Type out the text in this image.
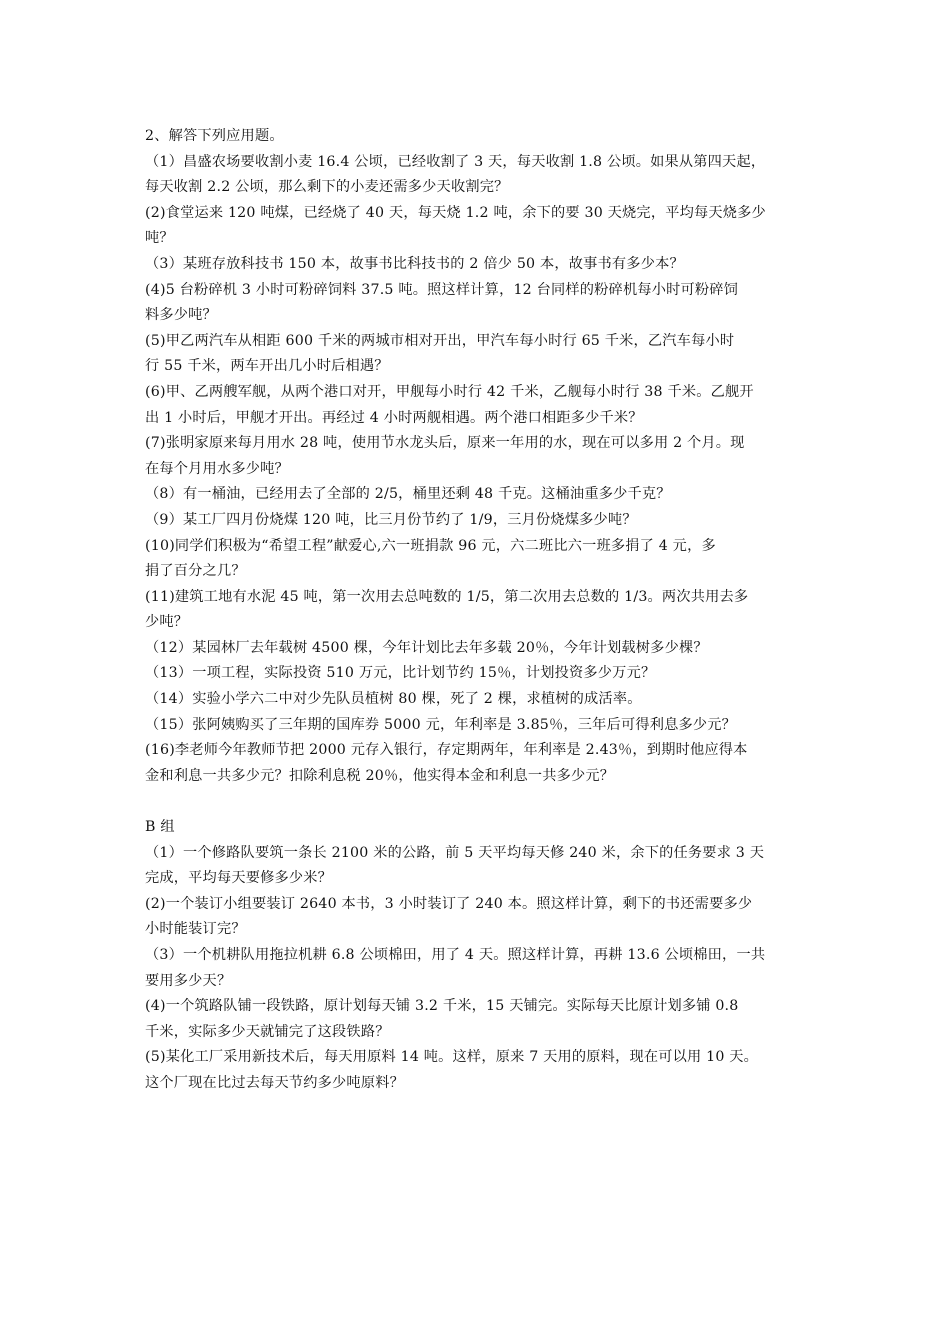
2、解答下列应用题。
（1）昌盛农场要收割小麦 16.4 公顷，已经收割了 3 天，每天收割 1.8 公顷。如果从第四天起，
每天收割 2.2 公顷，那么剩下的小麦还需多少天收割完？
(2)食堂运来 120 吨煤，已经烧了 40 天，每天烧 1.2 吨，余下的要 30 天烧完，平均每天烧多少
吨？
（3）某班存放科技书 150 本，故事书比科技书的 2 倍少 50 本，故事书有多少本？
(4)5 台粉碎机 3 小时可粉碎饲料 37.5 吨。照这样计算，12 台同样的粉碎机每小时可粉碎饲
料多少吨？
(5)甲乙两汽车从相距 600 千米的两城市相对开出，甲汽车每小时行 65 千米，乙汽车每小时
行 55 千米，两车开出几小时后相遇？
(6)甲、乙两艘军舰，从两个港口对开，甲舰每小时行 42 千米，乙舰每小时行 38 千米。乙舰开
出 1 小时后，甲舰才开出。再经过 4 小时两舰相遇。两个港口相距多少千米？
(7)张明家原来每月用水 28 吨，使用节水龙头后，原来一年用的水，现在可以多用 2 个月。现
在每个月用水多少吨？
（8）有一桶油，已经用去了全部的 2/5，桶里还剩 48 千克。这桶油重多少千克？
（9）某工厂四月份烧煤 120 吨，比三月份节约了 1/9，三月份烧煤多少吨？
(10)同学们积极为“希望工程”献爱心,六一班捐款 96 元，六二班比六一班多捐了 4 元，多
捐了百分之几？
(11)建筑工地有水泥 45 吨，第一次用去总吨数的 1/5，第二次用去总数的 1/3。两次共用去多
少吨？
（12）某园林厂去年载树 4500 棵，今年计划比去年多载 20％，今年计划载树多少棵？
（13）一项工程，实际投资 510 万元，比计划节约 15％，计划投资多少万元？
（14）实验小学六二中对少先队员植树 80 棵，死了 2 棵，求植树的成活率。
（15）张阿姨购买了三年期的国库券 5000 元，年利率是 3.85％，三年后可得利息多少元？
(16)李老师今年教师节把 2000 元存入银行，存定期两年，年利率是 2.43％，到期时他应得本
金和利息一共多少元？扣除利息税 20％，他实得本金和利息一共多少元？
B 组
（1）一个修路队要筑一条长 2100 米的公路，前 5 天平均每天修 240 米，余下的任务要求 3 天
完成，平均每天要修多少米？
(2)一个装订小组要装订 2640 本书，3 小时装订了 240 本。照这样计算，剩下的书还需要多少
小时能装订完？
（3）一个机耕队用拖拉机耕 6.8 公顷棉田，用了 4 天。照这样计算，再耕 13.6 公顷棉田，一共
要用多少天？
(4)一个筑路队铺一段铁路，原计划每天铺 3.2 千米，15 天铺完。实际每天比原计划多铺 0.8
千米，实际多少天就铺完了这段铁路？
(5)某化工厂采用新技术后，每天用原料 14 吨。这样，原来 7 天用的原料，现在可以用 10 天。
这个厂现在比过去每天节约多少吨原料？
